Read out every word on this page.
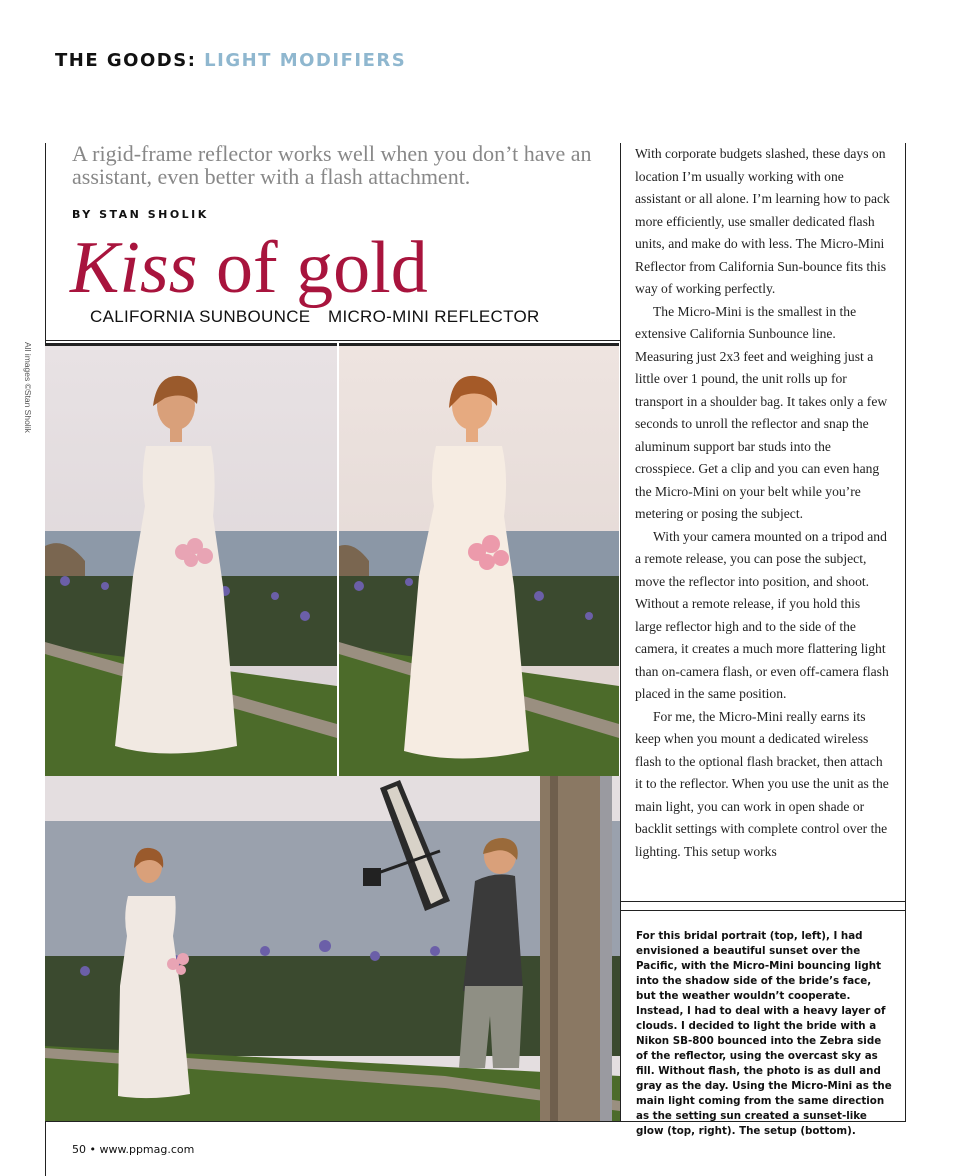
THE GOODS: LIGHT MODIFIERS
A rigid-frame reflector works well when you don’t have an assistant, even better with a flash attachment.
BY STAN SHOLIK
Kiss of gold
CALIFORNIA SUNBOUNCE MICRO-MINI REFLECTOR
All images ©Stan Sholik

With corporate budgets slashed, these days on location I’m usually working with one assistant or all alone. I’m learning how to pack more efficiently, use smaller dedicated flash units, and make do with less. The Micro-Mini Reflector from California Sun-bounce fits this way of working perfectly.

The Micro-Mini is the smallest in the extensive California Sunbounce line. Measuring just 2x3 feet and weighing just a little over 1 pound, the unit rolls up for transport in a shoulder bag. It takes only a few seconds to unroll the reflector and snap the aluminum support bar studs into the crosspiece. Get a clip and you can even hang the Micro-Mini on your belt while you’re metering or posing the subject.

With your camera mounted on a tripod and a remote release, you can pose the subject, move the reflector into position, and shoot. Without a remote release, if you hold this large reflector high and to the side of the camera, it creates a much more flattering light than on-camera flash, or even off-camera flash placed in the same position.

For me, the Micro-Mini really earns its keep when you mount a dedicated wireless flash to the optional flash bracket, then attach it to the reflector. When you use the unit as the main light, you can work in open shade or backlit settings with complete control over the lighting. This setup works

For this bridal portrait (top, left), I had envisioned a beautiful sunset over the Pacific, with the Micro-Mini bouncing light into the shadow side of the bride’s face, but the weather wouldn’t cooperate. Instead, I had to deal with a heavy layer of clouds. I decided to light the bride with a Nikon SB-800 bounced into the Zebra side of the reflector, using the overcast sky as fill. Without flash, the photo is as dull and gray as the day. Using the Micro-Mini as the main light coming from the same direction as the setting sun created a sunset-like glow (top, right). The setup (bottom).
50 • www.ppmag.com
